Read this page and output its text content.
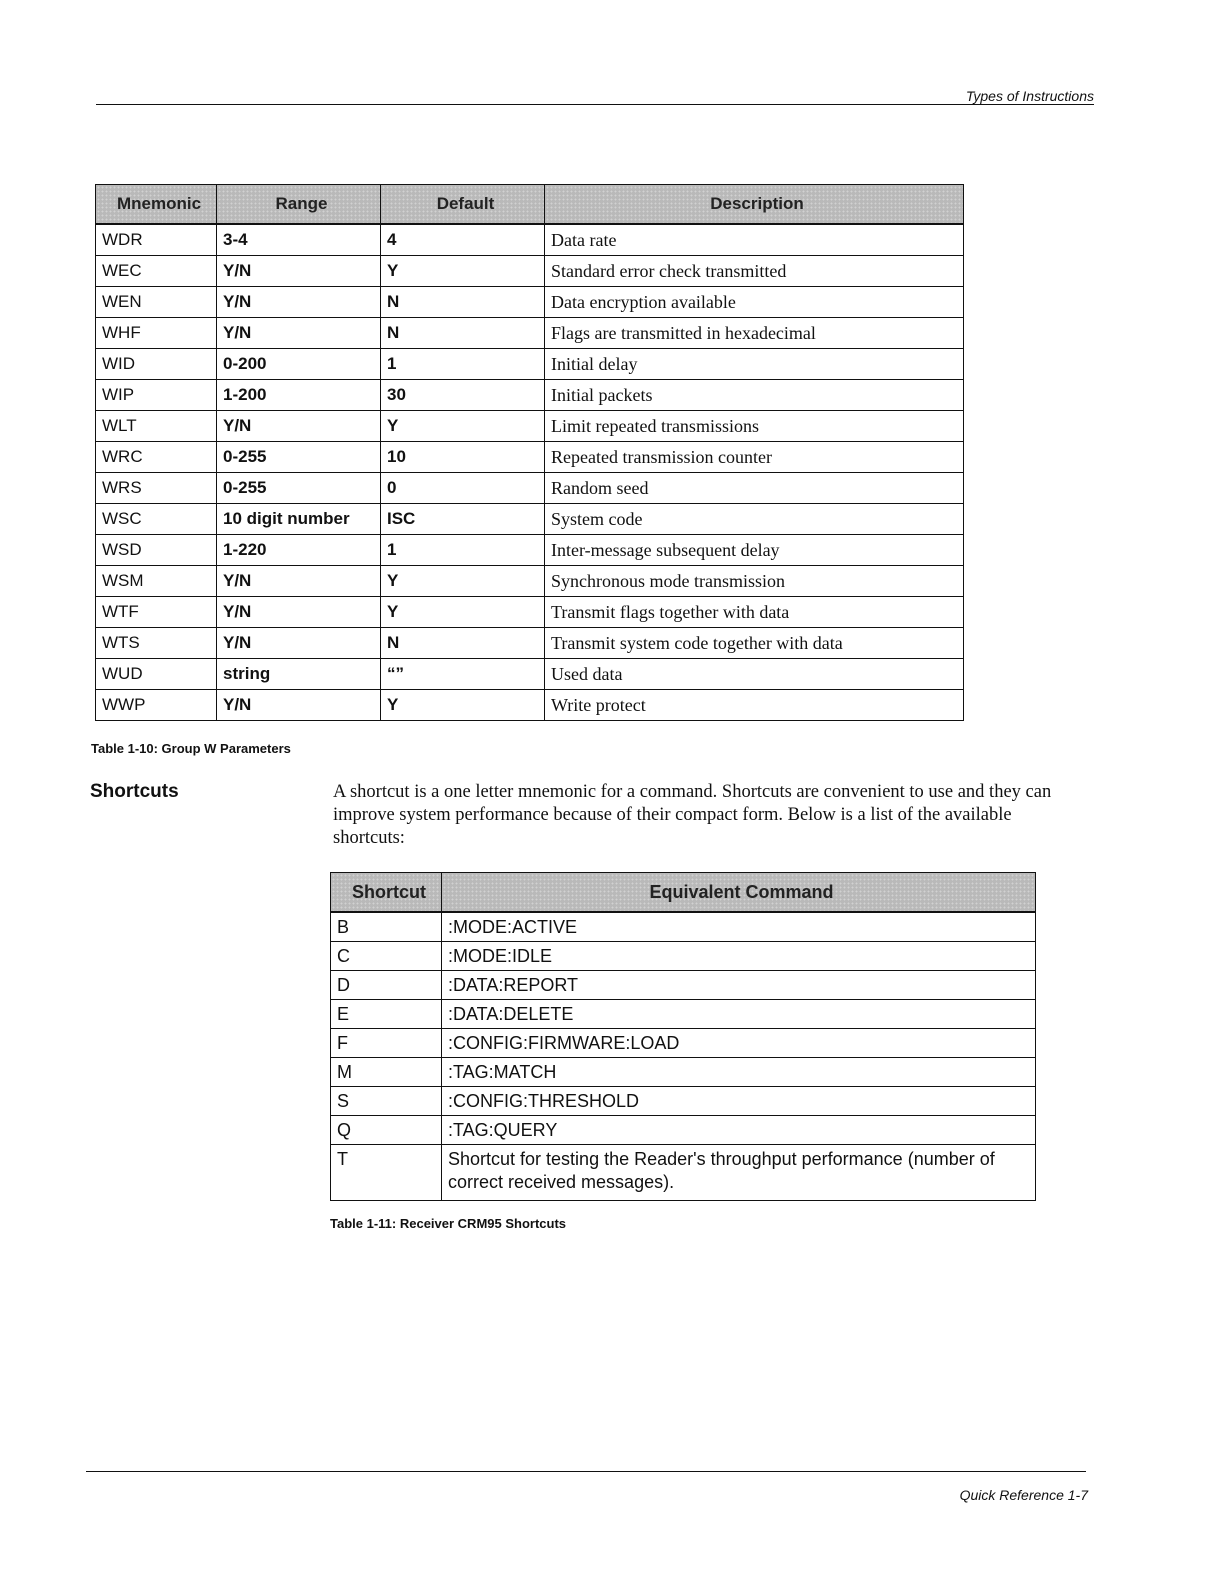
Types of Instructions
Mnemonic	Range	Default	Description
WDR	3-4	4	Data rate
WEC	Y/N	Y	Standard error check transmitted
WEN	Y/N	N	Data encryption available
WHF	Y/N	N	Flags are transmitted in hexadecimal
WID	0-200	1	Initial delay
WIP	1-200	30	Initial packets
WLT	Y/N	Y	Limit repeated transmissions
WRC	0-255	10	Repeated transmission counter
WRS	0-255	0	Random seed
WSC	10 digit number	ISC	System code
WSD	1-220	1	Inter-message subsequent delay
WSM	Y/N	Y	Synchronous mode transmission
WTF	Y/N	Y	Transmit flags together with data
WTS	Y/N	N	Transmit system code together with data
WUD	string	“”	Used data
WWP	Y/N	Y	Write protect
Table 1-10: Group W Parameters
Shortcuts	A shortcut is a one letter mnemonic for a command. Shortcuts are convenient to use and they can improve system performance because of their compact form. Below is a list of the available shortcuts:
Shortcut	Equivalent Command
B	:MODE:ACTIVE
C	:MODE:IDLE
D	:DATA:REPORT
E	:DATA:DELETE
F	:CONFIG:FIRMWARE:LOAD
M	:TAG:MATCH
S	:CONFIG:THRESHOLD
Q	:TAG:QUERY
T	Shortcut for testing the Reader's throughput performance (number of correct received messages).
Table 1-11: Receiver CRM95 Shortcuts
Quick Reference 1-7
